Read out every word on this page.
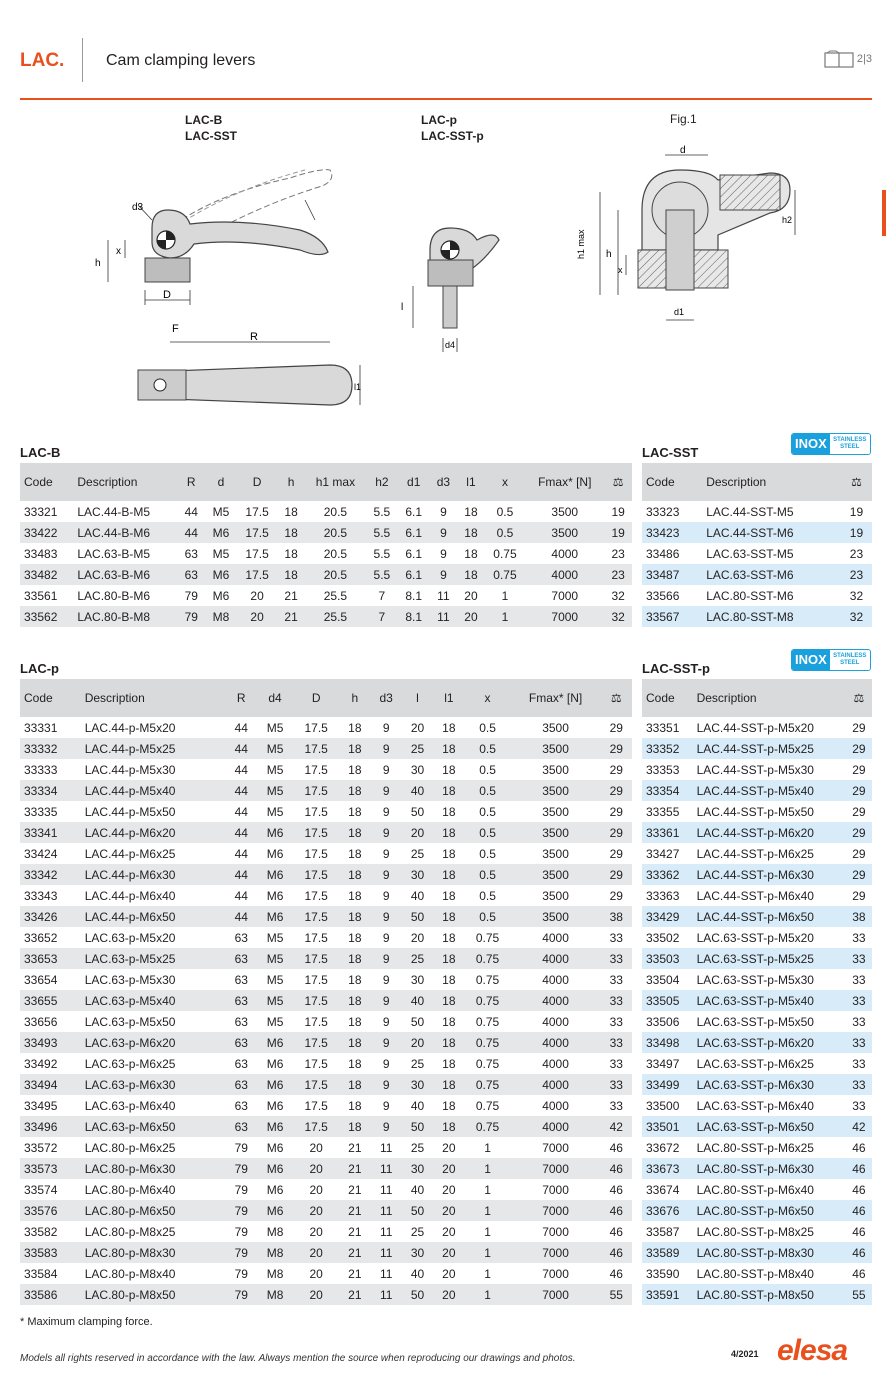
LAC.	Cam clamping levers	2|3
LAC-B
LAC-SST
LAC-p
LAC-SST-p
Fig.1
D
h
x
d3
F
R
l1
l
d4
d
h1 max h
x
h2
d1
LAC-B	LAC-SST
INOX	STAINLESS STEEL
Code	Description	R	d	D	h	h1 max	h2	d1	d3	l1	x	Fmax* [N]	⚖
33321	LAC.44-B-M5	44	M5	17.5	18	20.5	5.5	6.1	9	18	0.5	3500	19
33422	LAC.44-B-M6	44	M6	17.5	18	20.5	5.5	6.1	9	18	0.5	3500	19
33483	LAC.63-B-M5	63	M5	17.5	18	20.5	5.5	6.1	9	18	0.75	4000	23
33482	LAC.63-B-M6	63	M6	17.5	18	20.5	5.5	6.1	9	18	0.75	4000	23
33561	LAC.80-B-M6	79	M6	20	21	25.5	7	8.1	11	20	1	7000	32
33562	LAC.80-B-M8	79	M8	20	21	25.5	7	8.1	11	20	1	7000	32
Code	Description	⚖
33323	LAC.44-SST-M5	19
33423	LAC.44-SST-M6	19
33486	LAC.63-SST-M5	23
33487	LAC.63-SST-M6	23
33566	LAC.80-SST-M6	32
33567	LAC.80-SST-M8	32
LAC-p	LAC-SST-p
INOX	STAINLESS STEEL
Code	Description	R	d4	D	h	d3	l	l1	x	Fmax* [N]	⚖
33331	LAC.44-p-M5x20	44	M5	17.5	18	9	20	18	0.5	3500	29
33332	LAC.44-p-M5x25	44	M5	17.5	18	9	25	18	0.5	3500	29
33333	LAC.44-p-M5x30	44	M5	17.5	18	9	30	18	0.5	3500	29
33334	LAC.44-p-M5x40	44	M5	17.5	18	9	40	18	0.5	3500	29
33335	LAC.44-p-M5x50	44	M5	17.5	18	9	50	18	0.5	3500	29
33341	LAC.44-p-M6x20	44	M6	17.5	18	9	20	18	0.5	3500	29
33424	LAC.44-p-M6x25	44	M6	17.5	18	9	25	18	0.5	3500	29
33342	LAC.44-p-M6x30	44	M6	17.5	18	9	30	18	0.5	3500	29
33343	LAC.44-p-M6x40	44	M6	17.5	18	9	40	18	0.5	3500	29
33426	LAC.44-p-M6x50	44	M6	17.5	18	9	50	18	0.5	3500	38
33652	LAC.63-p-M5x20	63	M5	17.5	18	9	20	18	0.75	4000	33
33653	LAC.63-p-M5x25	63	M5	17.5	18	9	25	18	0.75	4000	33
33654	LAC.63-p-M5x30	63	M5	17.5	18	9	30	18	0.75	4000	33
33655	LAC.63-p-M5x40	63	M5	17.5	18	9	40	18	0.75	4000	33
33656	LAC.63-p-M5x50	63	M5	17.5	18	9	50	18	0.75	4000	33
33493	LAC.63-p-M6x20	63	M6	17.5	18	9	20	18	0.75	4000	33
33492	LAC.63-p-M6x25	63	M6	17.5	18	9	25	18	0.75	4000	33
33494	LAC.63-p-M6x30	63	M6	17.5	18	9	30	18	0.75	4000	33
33495	LAC.63-p-M6x40	63	M6	17.5	18	9	40	18	0.75	4000	33
33496	LAC.63-p-M6x50	63	M6	17.5	18	9	50	18	0.75	4000	42
33572	LAC.80-p-M6x25	79	M6	20	21	11	25	20	1	7000	46
33573	LAC.80-p-M6x30	79	M6	20	21	11	30	20	1	7000	46
33574	LAC.80-p-M6x40	79	M6	20	21	11	40	20	1	7000	46
33576	LAC.80-p-M6x50	79	M6	20	21	11	50	20	1	7000	46
33582	LAC.80-p-M8x25	79	M8	20	21	11	25	20	1	7000	46
33583	LAC.80-p-M8x30	79	M8	20	21	11	30	20	1	7000	46
33584	LAC.80-p-M8x40	79	M8	20	21	11	40	20	1	7000	46
33586	LAC.80-p-M8x50	79	M8	20	21	11	50	20	1	7000	55
Code	Description	⚖
33351	LAC.44-SST-p-M5x20	29
33352	LAC.44-SST-p-M5x25	29
33353	LAC.44-SST-p-M5x30	29
33354	LAC.44-SST-p-M5x40	29
33355	LAC.44-SST-p-M5x50	29
33361	LAC.44-SST-p-M6x20	29
33427	LAC.44-SST-p-M6x25	29
33362	LAC.44-SST-p-M6x30	29
33363	LAC.44-SST-p-M6x40	29
33429	LAC.44-SST-p-M6x50	38
33502	LAC.63-SST-p-M5x20	33
33503	LAC.63-SST-p-M5x25	33
33504	LAC.63-SST-p-M5x30	33
33505	LAC.63-SST-p-M5x40	33
33506	LAC.63-SST-p-M5x50	33
33498	LAC.63-SST-p-M6x20	33
33497	LAC.63-SST-p-M6x25	33
33499	LAC.63-SST-p-M6x30	33
33500	LAC.63-SST-p-M6x40	33
33501	LAC.63-SST-p-M6x50	42
33672	LAC.80-SST-p-M6x25	46
33673	LAC.80-SST-p-M6x30	46
33674	LAC.80-SST-p-M6x40	46
33676	LAC.80-SST-p-M6x50	46
33587	LAC.80-SST-p-M8x25	46
33589	LAC.80-SST-p-M8x30	46
33590	LAC.80-SST-p-M8x40	46
33591	LAC.80-SST-p-M8x50	55
* Maximum clamping force.
Models all rights reserved in accordance with the law. Always mention the source when reproducing our drawings and photos.	4/2021 elesa
